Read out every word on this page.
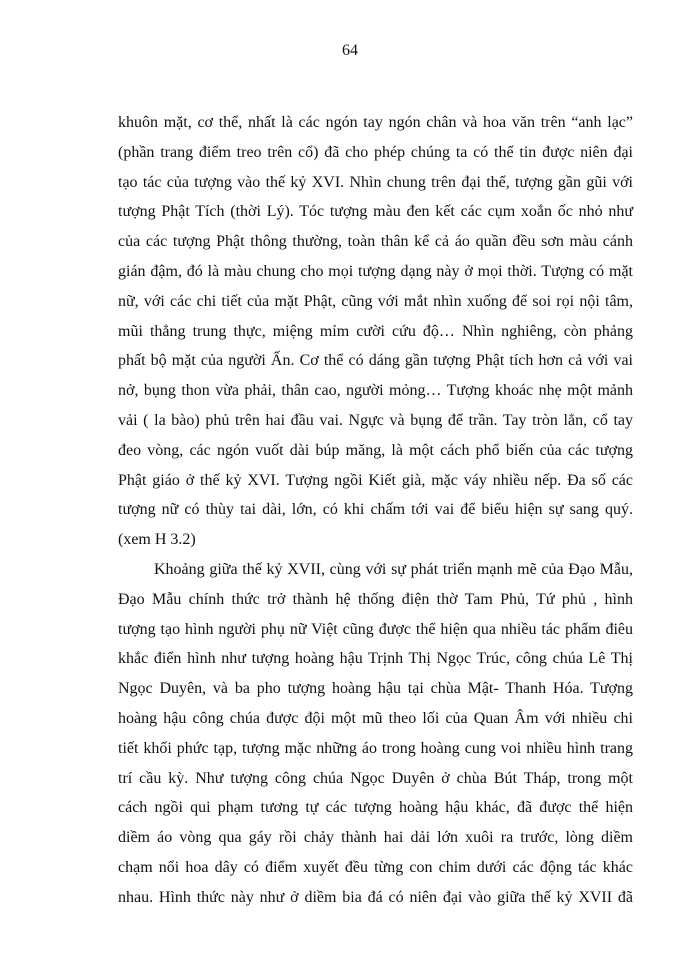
64
khuôn mặt, cơ thể, nhất là các ngón tay ngón chân và hoa văn trên “anh lạc”
(phần trang điểm treo trên cổ) đã cho phép chúng ta có thể tin được niên đại
tạo tác của tượng vào thế kỷ XVI. Nhìn chung trên đại thể, tượng gần gũi với
tượng Phật Tích (thời Lý). Tóc tượng màu đen kết các cụm xoắn ốc nhỏ như
của các tượng Phật thông thường, toàn thân kể cả áo quần đều sơn màu cánh
gián đậm, đó là màu chung cho mọi tượng dạng này ở mọi thời. Tượng có mặt
nữ, với các chi tiết của mặt Phật, cũng với mắt nhìn xuống để soi rọi nội tâm,
mũi thẳng trung thực, miệng mỉm cười cứu độ… Nhìn nghiêng, còn phảng
phất bộ mặt của người Ấn. Cơ thể có dáng gần tượng Phật tích hơn cả với vai
nở, bụng thon vừa phải, thân cao, người mỏng… Tượng khoác nhẹ một mảnh
vải ( la bào) phủ trên hai đầu vai. Ngực và bụng để trần. Tay tròn lẳn, cổ tay
đeo vòng, các ngón vuốt dài búp măng, là một cách phổ biến của các tượng
Phật giáo ở thế kỷ XVI. Tượng ngồi Kiết già, mặc váy nhiều nếp. Đa số các
tượng nữ có thùy tai dài, lớn, có khi chấm tới vai để biểu hiện sự sang quý.
(xem H 3.2)
Khoảng giữa thế kỷ XVII, cùng với sự phát triển mạnh mẽ của Đạo Mẫu,
Đạo Mẫu chính thức trở thành hệ thống điện thờ Tam Phủ, Tứ phủ , hình
tượng tạo hình người phụ nữ Việt cũng được thể hiện qua nhiều tác phẩm điêu
khắc điển hình như tượng hoàng hậu Trịnh Thị Ngọc Trúc, công chúa Lê Thị
Ngọc Duyên, và ba pho tượng hoàng hậu tại chùa Mật- Thanh Hóa. Tượng
hoàng hậu công chúa được đội một mũ theo lối của Quan Âm với nhiều chi
tiết khối phức tạp, tượng mặc những áo trong hoàng cung voi nhiều hình trang
trí cầu kỳ. Như tượng công chúa Ngọc Duyên ở chùa Bút Tháp, trong một
cách ngồi qui phạm tương tự các tượng hoàng hậu khác, đã được thể hiện
diềm áo vòng qua gáy rồi chảy thành hai dải lớn xuôi ra trước, lòng diềm
chạm nổi hoa dây có điểm xuyết đều từng con chim dưới các động tác khác
nhau. Hình thức này như ở diềm bia đá có niên đại vào giữa thế kỷ XVII đã
